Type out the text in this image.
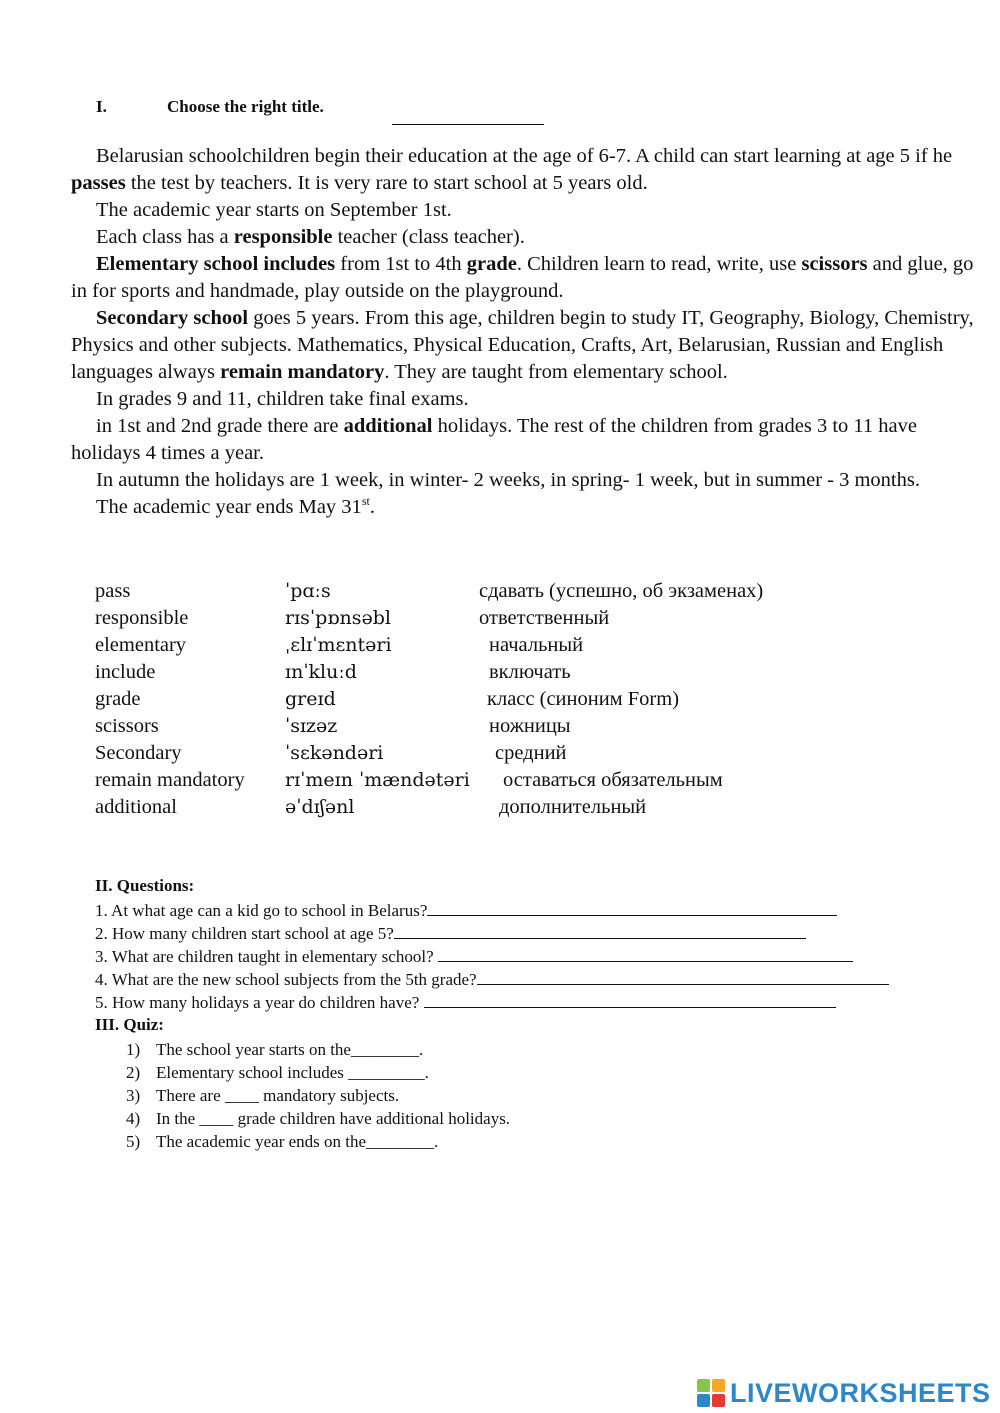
I.	Choose the right title.

Belarusian schoolchildren begin their education at the age of 6-7. A child can start learning at age 5 if he passes the test by teachers. It is very rare to start school at 5 years old.

The academic year starts on September 1st.

Each class has a responsible teacher (class teacher).

Elementary school includes from 1st to 4th grade. Children learn to read, write, use scissors and glue, go in for sports and handmade, play outside on the playground.

Secondary school goes 5 years. From this age, children begin to study IT, Geography, Biology, Chemistry, Physics and other subjects. Mathematics, Physical Education, Crafts, Art, Belarusian, Russian and English languages always remain mandatory. They are taught from elementary school.

In grades 9 and 11, children take final exams.

in 1st and 2nd grade there are additional holidays. The rest of the children from grades 3 to 11 have holidays 4 times a year.

In autumn the holidays are 1 week, in winter- 2 weeks, in spring- 1 week, but in summer - 3 months.

The academic year ends May 31st.

pass	ˈpɑːs	сдавать (успешно, об экзаменах)
responsible	rɪsˈpɒnsəbl	ответственный
elementary	ˌɛlɪˈmɛntəri	начальный
include	ɪnˈkluːd	включать
grade	greɪd	класс (синоним Form)
scissors	ˈsɪzəz	ножницы
Secondary	ˈsɛkəndəri	средний
remain mandatory	rɪˈmeɪn ˈmændətəri	оставаться обязательным
additional	əˈdɪʃənl	дополнительный
II. Questions:
1. At what age can a kid go to school in Belarus?
2. How many children start school at age 5?
3. What are children taught in elementary school?
4. What are the new school subjects from the 5th grade?
5. How many holidays a year do children have?
III. Quiz:
1) The school year starts on the________.
2) Elementary school includes _________.
3) There are ____ mandatory subjects.
4) In the ____ grade children have additional holidays.
5) The academic year ends on the________.
LIVEWORKSHEETS
